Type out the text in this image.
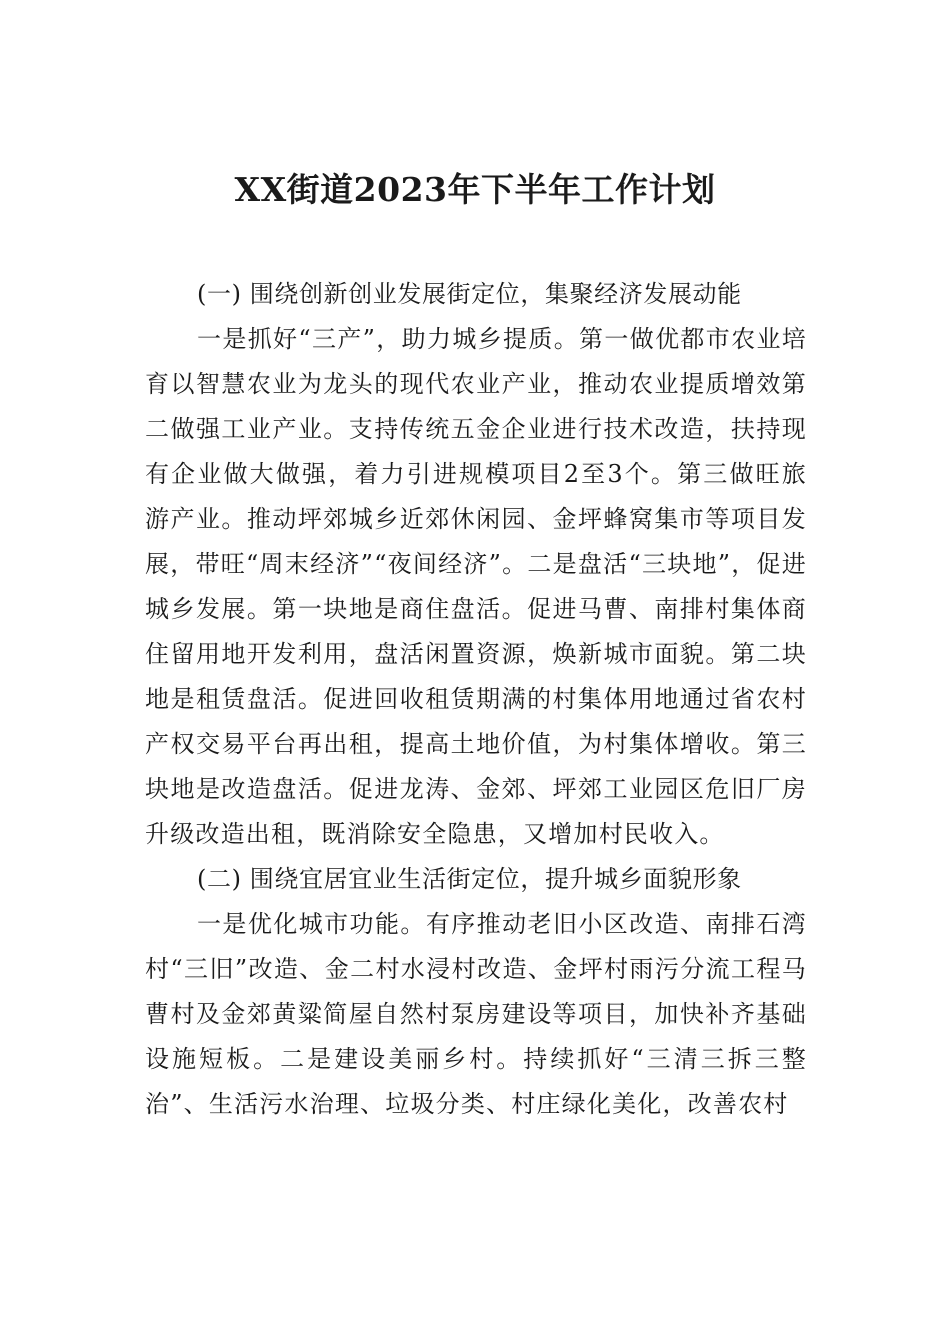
XX街道2023年下半年工作计划

(一) 围绕创新创业发展街定位，集聚经济发展动能

一是抓好“三产”，助力城乡提质。第一做优都市农业培育以智慧农业为龙头的现代农业产业，推动农业提质增效第二做强工业产业。支持传统五金企业进行技术改造，扶持现有企业做大做强，着力引进规模项目2至3个。第三做旺旅游产业。推动坪郊城乡近郊休闲园、金坪蜂窝集市等项目发展，带旺“周末经济”“夜间经济”。二是盘活“三块地”，促进城乡发展。第一块地是商住盘活。促进马曹、南排村集体商住留用地开发利用，盘活闲置资源，焕新城市面貌。第二块地是租赁盘活。促进回收租赁期满的村集体用地通过省农村产权交易平台再出租，提高土地价值，为村集体增收。第三块地是改造盘活。促进龙涛、金郊、坪郊工业园区危旧厂房升级改造出租，既消除安全隐患，又增加村民收入。

(二) 围绕宜居宜业生活街定位，提升城乡面貌形象

一是优化城市功能。有序推动老旧小区改造、南排石湾村“三旧”改造、金二村水浸村改造、金坪村雨污分流工程马曹村及金郊黄粱简屋自然村泵房建设等项目，加快补齐基础设施短板。二是建设美丽乡村。持续抓好“三清三拆三整治”、生活污水治理、垃圾分类、村庄绿化美化，改善农村
